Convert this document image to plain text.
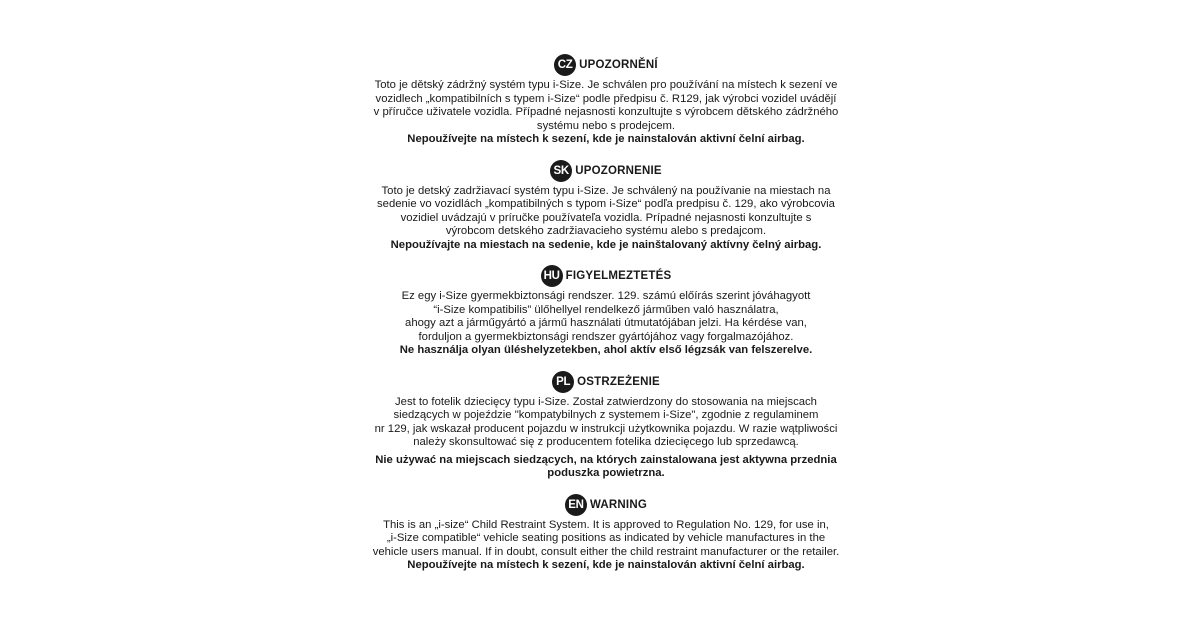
CZ UPOZORNĚNÍ
Toto je dětský zádržný systém typu i-Size. Je schválen pro používání na místech k sezení ve
vozidlech „kompatibilních s typem i-Size“ podle předpisu č. R129, jak výrobci vozidel uvádějí
v příručce uživatele vozidla. Případné nejasnosti konzultujte s výrobcem dětského zádržného
systému nebo s prodejcem.
Nepoužívejte na místech k sezení, kde je nainstalován aktivní čelní airbag.
SK UPOZORNENIE
Toto je detský zadržiavací systém typu i-Size. Je schválený na používanie na miestach na
sedenie vo vozidlách „kompatibilných s typom i-Size“ podľa predpisu č. 129, ako výrobcovia
vozidiel uvádzajú v príručke používateľa vozidla. Prípadné nejasnosti konzultujte s
výrobcom detského zadržiavacieho systému alebo s predajcom.
Nepoužívajte na miestach na sedenie, kde je nainštalovaný aktívny čelný airbag.
HU FIGYELMEZTETÉS
Ez egy i-Size gyermekbiztonsági rendszer. 129. számú előírás szerint jóváhagyott
“i-Size kompatibilis” ülőhellyel rendelkező járműben való használatra,
ahogy azt a járműgyártó a jármű használati útmutatójában jelzi. Ha kérdése van,
forduljon a gyermekbiztonsági rendszer gyártójához vagy forgalmazójához.
Ne használja olyan üléshelyzetekben, ahol aktív első légzsák van felszerelve.
PL OSTRZEŻENIE
Jest to fotelik dziecięcy typu i-Size. Został zatwierdzony do stosowania na miejscach
siedzących w pojeździe "kompatybilnych z systemem i-Size", zgodnie z regulaminem
nr 129, jak wskazał producent pojazdu w instrukcji użytkownika pojazdu. W razie wątpliwości
należy skonsultować się z producentem fotelika dziecięcego lub sprzedawcą.
Nie używać na miejscach siedzących, na których zainstalowana jest aktywna przednia
poduszka powietrzna.
EN WARNING
This is an „i-size“ Child Restraint System. It is approved to Regulation No. 129, for use in,
„i-Size compatible“ vehicle seating positions as indicated by vehicle manufactures in the
vehicle users manual. If in doubt, consult either the child restraint manufacturer or the retailer.
Nepoužívejte na místech k sezení, kde je nainstalován aktivní čelní airbag.
